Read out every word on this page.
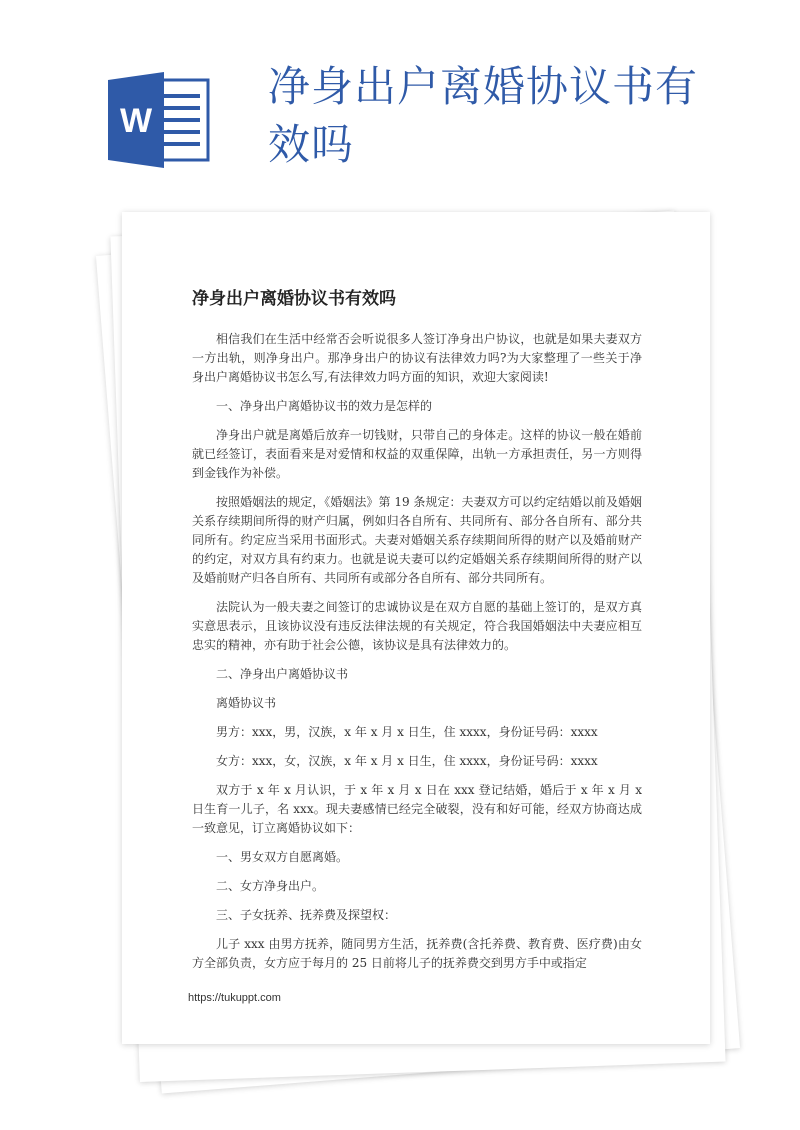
W
净身出户离婚协议书有效吗
净身出户离婚协议书有效吗

相信我们在生活中经常否会听说很多人签订净身出户协议，也就是如果夫妻双方一方出轨，则净身出户。那净身出户的协议有法律效力吗?为大家整理了一些关于净身出户离婚协议书怎么写,有法律效力吗方面的知识，欢迎大家阅读!

一、净身出户离婚协议书的效力是怎样的

净身出户就是离婚后放弃一切钱财，只带自己的身体走。这样的协议一般在婚前就已经签订，表面看来是对爱情和权益的双重保障，出轨一方承担责任，另一方则得到金钱作为补偿。

按照婚姻法的规定，《婚姻法》第 19 条规定：夫妻双方可以约定结婚以前及婚姻关系存续期间所得的财产归属，例如归各自所有、共同所有、部分各自所有、部分共同所有。约定应当采用书面形式。夫妻对婚姻关系存续期间所得的财产以及婚前财产的约定，对双方具有约束力。也就是说夫妻可以约定婚姻关系存续期间所得的财产以及婚前财产归各自所有、共同所有或部分各自所有、部分共同所有。

法院认为一般夫妻之间签订的忠诚协议是在双方自愿的基础上签订的，是双方真实意思表示，且该协议没有违反法律法规的有关规定，符合我国婚姻法中夫妻应相互忠实的精神，亦有助于社会公德，该协议是具有法律效力的。

二、净身出户离婚协议书

离婚协议书

男方：xxx，男，汉族，x 年 x 月 x 日生，住 xxxx，身份证号码：xxxx

女方：xxx，女，汉族，x 年 x 月 x 日生，住 xxxx，身份证号码：xxxx

双方于 x 年 x 月认识，于 x 年 x 月 x 日在 xxx 登记结婚，婚后于 x 年 x 月 x 日生育一儿子，名 xxx。现夫妻感情已经完全破裂，没有和好可能，经双方协商达成一致意见，订立离婚协议如下：

一、男女双方自愿离婚。

二、女方净身出户。

三、子女抚养、抚养费及探望权：

儿子 xxx 由男方抚养，随同男方生活，抚养费(含托养费、教育费、医疗费)由女方全部负责，女方应于每月的 25 日前将儿子的抚养费交到男方手中或指定

https://tukuppt.com
